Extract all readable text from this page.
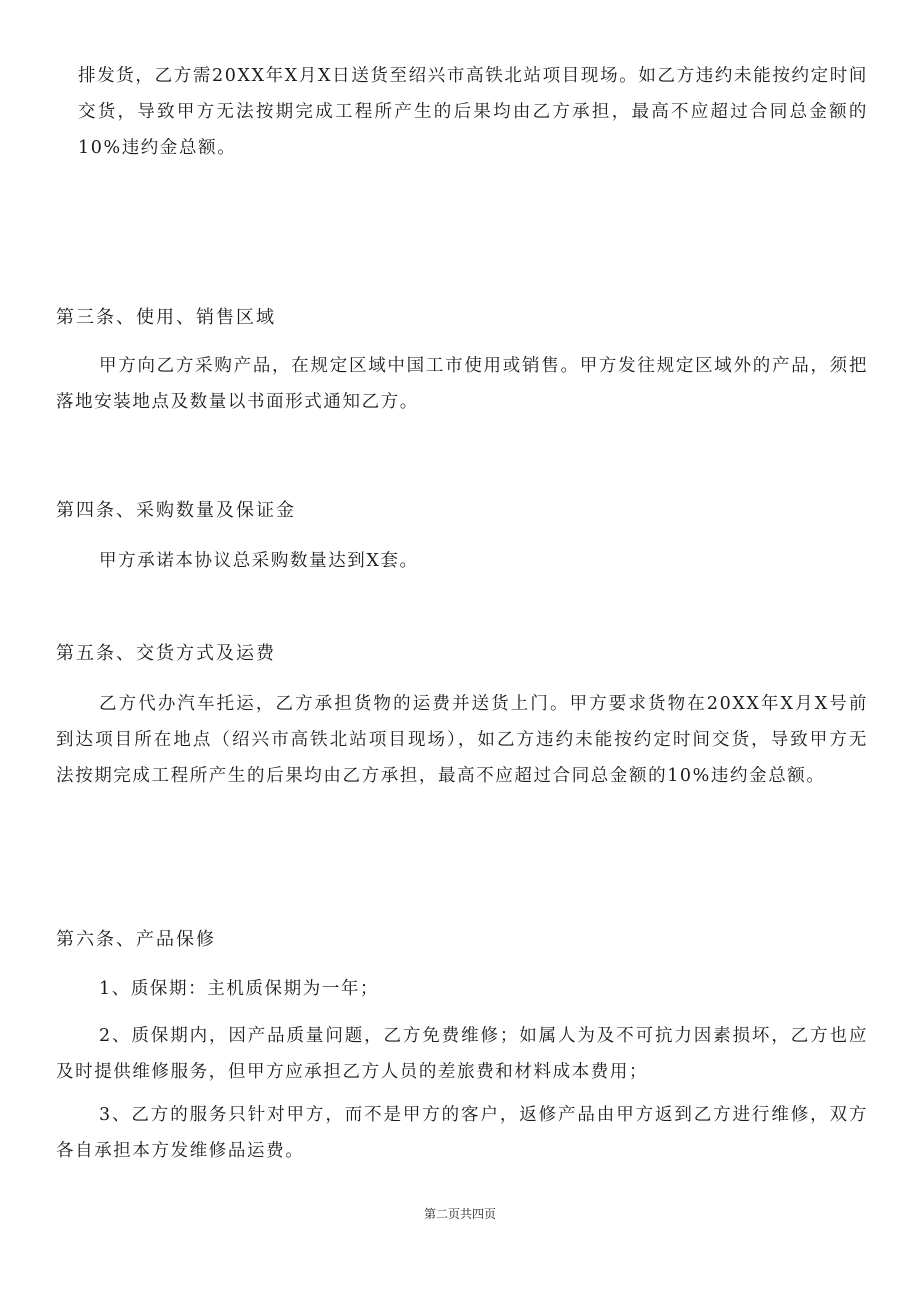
排发货，乙方需20XX年X月X日送货至绍兴市高铁北站项目现场。如乙方违约未能按约定时间交货，导致甲方无法按期完成工程所产生的后果均由乙方承担，最高不应超过合同总金额的10%违约金总额。

第三条、使用、销售区域

甲方向乙方采购产品，在规定区域中国工市使用或销售。甲方发往规定区域外的产品，须把落地安装地点及数量以书面形式通知乙方。

第四条、采购数量及保证金

甲方承诺本协议总采购数量达到X套。

第五条、交货方式及运费

乙方代办汽车托运，乙方承担货物的运费并送货上门。甲方要求货物在20XX年X月X号前到达项目所在地点（绍兴市高铁北站项目现场），如乙方违约未能按约定时间交货，导致甲方无法按期完成工程所产生的后果均由乙方承担，最高不应超过合同总金额的10%违约金总额。

第六条、产品保修

1、质保期：主机质保期为一年；

2、质保期内，因产品质量问题，乙方免费维修；如属人为及不可抗力因素损坏，乙方也应及时提供维修服务，但甲方应承担乙方人员的差旅费和材料成本费用；

3、乙方的服务只针对甲方，而不是甲方的客户，返修产品由甲方返到乙方进行维修，双方各自承担本方发维修品运费。

第二页共四页
